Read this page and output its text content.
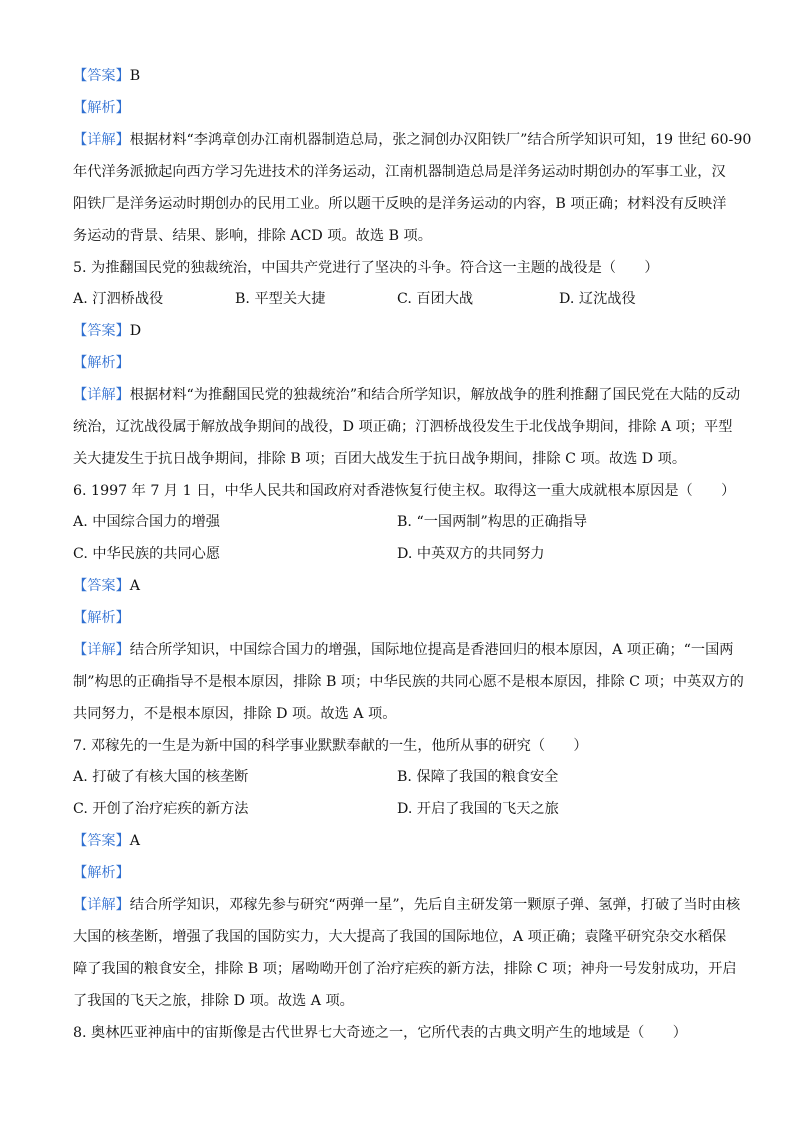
【答案】B
【解析】
【详解】根据材料“李鸿章创办江南机器制造总局，张之洞创办汉阳铁厂”结合所学知识可知，19 世纪 60-90
年代洋务派掀起向西方学习先进技术的洋务运动，江南机器制造总局是洋务运动时期创办的军事工业，汉
阳铁厂是洋务运动时期创办的民用工业。所以题干反映的是洋务运动的内容，B 项正确；材料没有反映洋
务运动的背景、结果、影响，排除 ACD 项。故选 B 项。
5. 为推翻国民党的独裁统治，中国共产党进行了坚决的斗争。符合这一主题的战役是（　　）
A. 汀泗桥战役	B. 平型关大捷	C. 百团大战	D. 辽沈战役
【答案】D
【解析】
【详解】根据材料“为推翻国民党的独裁统治”和结合所学知识，解放战争的胜利推翻了国民党在大陆的反动
统治，辽沈战役属于解放战争期间的战役，D 项正确；汀泗桥战役发生于北伐战争期间，排除 A 项；平型
关大捷发生于抗日战争期间，排除 B 项；百团大战发生于抗日战争期间，排除 C 项。故选 D 项。
6. 1997 年 7 月 1 日，中华人民共和国政府对香港恢复行使主权。取得这一重大成就根本原因是（　　）
A. 中国综合国力的增强	B. “一国两制”构思的正确指导
C. 中华民族的共同心愿	D. 中英双方的共同努力
【答案】A
【解析】
【详解】结合所学知识，中国综合国力的增强，国际地位提高是香港回归的根本原因，A 项正确；“一国两
制”构思的正确指导不是根本原因，排除 B 项；中华民族的共同心愿不是根本原因，排除 C 项；中英双方的
共同努力，不是根本原因，排除 D 项。故选 A 项。
7. 邓稼先的一生是为新中国的科学事业默默奉献的一生，他所从事的研究（　　）
A. 打破了有核大国的核垄断	B. 保障了我国的粮食安全
C. 开创了治疗疟疾的新方法	D. 开启了我国的飞天之旅
【答案】A
【解析】
【详解】结合所学知识，邓稼先参与研究“两弹一星”，先后自主研发第一颗原子弹、氢弹，打破了当时由核
大国的核垄断，增强了我国的国防实力，大大提高了我国的国际地位，A 项正确；袁隆平研究杂交水稻保
障了我国的粮食安全，排除 B 项；屠呦呦开创了治疗疟疾的新方法，排除 C 项；神舟一号发射成功，开启
了我国的飞天之旅，排除 D 项。故选 A 项。
8. 奥林匹亚神庙中的宙斯像是古代世界七大奇迹之一，它所代表的古典文明产生的地域是（　　）
